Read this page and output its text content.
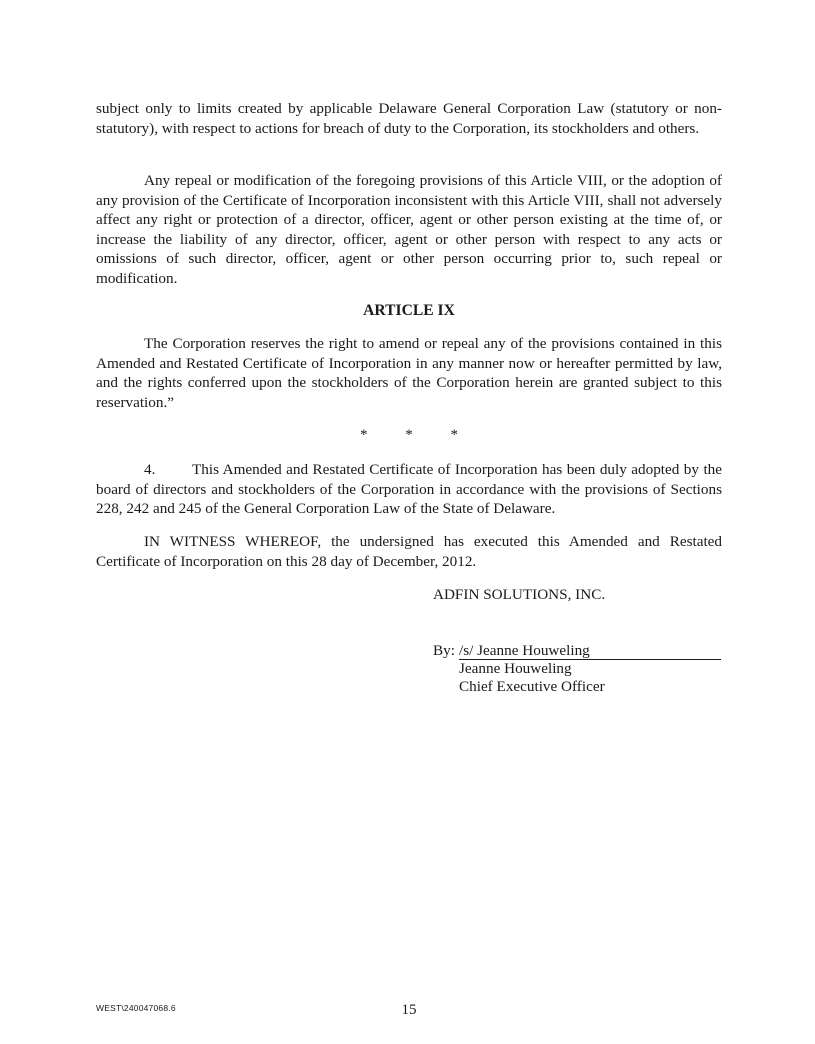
subject only to limits created by applicable Delaware General Corporation Law (statutory or non-statutory), with respect to actions for breach of duty to the Corporation, its stockholders and others.

Any repeal or modification of the foregoing provisions of this Article VIII, or the adoption of any provision of the Certificate of Incorporation inconsistent with this Article VIII, shall not adversely affect any right or protection of a director, officer, agent or other person existing at the time of, or increase the liability of any director, officer, agent or other person with respect to any acts or omissions of such director, officer, agent or other person occurring prior to, such repeal or modification.

ARTICLE IX

The Corporation reserves the right to amend or repeal any of the provisions contained in this Amended and Restated Certificate of Incorporation in any manner now or hereafter permitted by law, and the rights conferred upon the stockholders of the Corporation herein are granted subject to this reservation.”

* * *

4. This Amended and Restated Certificate of Incorporation has been duly adopted by the board of directors and stockholders of the Corporation in accordance with the provisions of Sections 228, 242 and 245 of the General Corporation Law of the State of Delaware.

IN WITNESS WHEREOF, the undersigned has executed this Amended and Restated Certificate of Incorporation on this 28 day of December, 2012.

ADFIN SOLUTIONS, INC.
By: /s/ Jeanne Houweling
Jeanne Houweling
Chief Executive Officer
WEST\240047068.6	15
